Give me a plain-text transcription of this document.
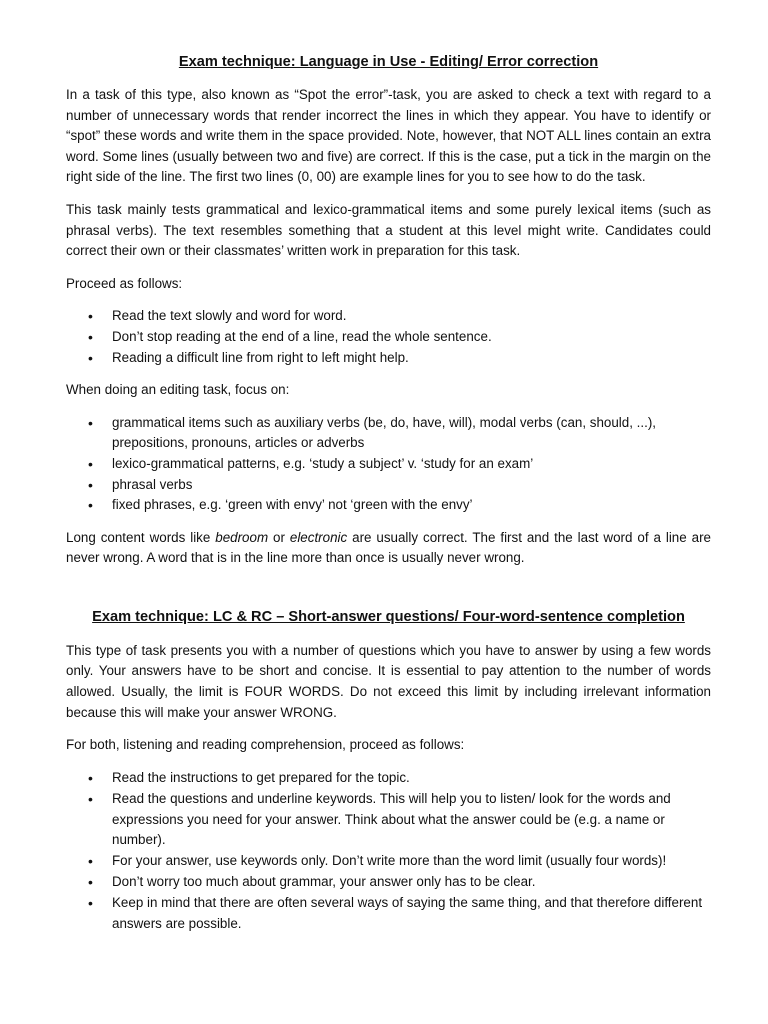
Exam technique: Language in Use - Editing/ Error correction

In a task of this type, also known as “Spot the error”-task, you are asked to check a text with regard to a number of unnecessary words that render incorrect the lines in which they appear. You have to identify or “spot” these words and write them in the space provided. Note, however, that NOT ALL lines contain an extra word. Some lines (usually between two and five) are correct. If this is the case, put a tick in the margin on the right side of the line. The first two lines (0, 00) are example lines for you to see how to do the task.

This task mainly tests grammatical and lexico-grammatical items and some purely lexical items (such as phrasal verbs). The text resembles something that a student at this level might write. Candidates could correct their own or their classmates’ written work in preparation for this task.

Proceed as follows:

• Read the text slowly and word for word.
• Don’t stop reading at the end of a line, read the whole sentence.
• Reading a difficult line from right to left might help.

When doing an editing task, focus on:

• grammatical items such as auxiliary verbs (be, do, have, will), modal verbs (can, should, ...), prepositions, pronouns, articles or adverbs
• lexico-grammatical patterns, e.g. ‘study a subject’ v. ‘study for an exam’
• phrasal verbs
• fixed phrases, e.g. ‘green with envy’ not ‘green with the envy’

Long content words like bedroom or electronic are usually correct. The first and the last word of a line are never wrong. A word that is in the line more than once is usually never wrong.

Exam technique: LC & RC – Short-answer questions/ Four-word-sentence completion

This type of task presents you with a number of questions which you have to answer by using a few words only. Your answers have to be short and concise. It is essential to pay attention to the number of words allowed. Usually, the limit is FOUR WORDS. Do not exceed this limit by including irrelevant information because this will make your answer WRONG.

For both, listening and reading comprehension, proceed as follows:

• Read the instructions to get prepared for the topic.
• Read the questions and underline keywords. This will help you to listen/ look for the words and expressions you need for your answer. Think about what the answer could be (e.g. a name or number).
• For your answer, use keywords only. Don’t write more than the word limit (usually four words)!
• Don’t worry too much about grammar, your answer only has to be clear.
• Keep in mind that there are often several ways of saying the same thing, and that therefore different answers are possible.
